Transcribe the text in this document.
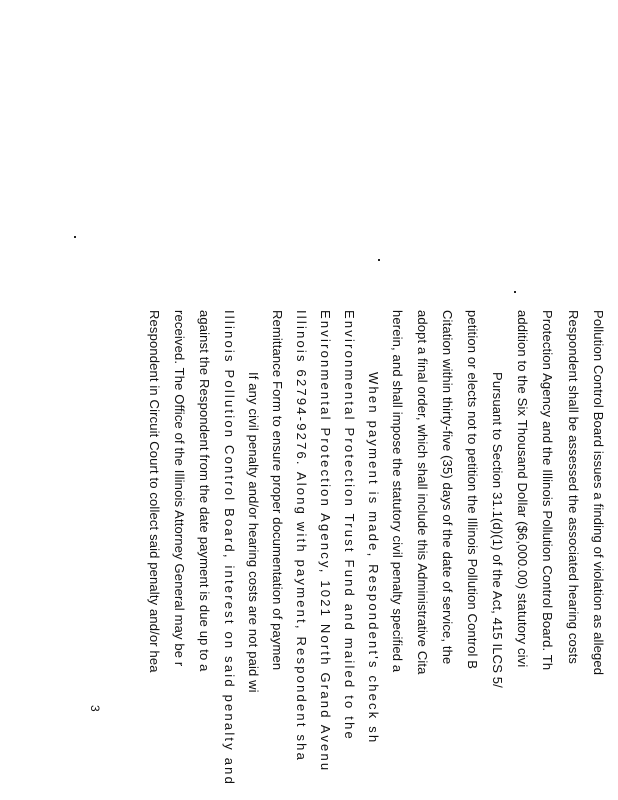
Pollution Control Board issues a finding of violation as alleged
Respondent shall be assessed the associated hearing costs
Protection Agency and the Illinois Pollution Control Board. Th
addition to the Six Thousand Dollar ($6,000.00) statutory civi
Pursuant to Section 31.1(d)(1) of the Act, 415 ILCS 5/
petition or elects not to petition the Illinois Pollution Control B
Citation within thirty-five (35) days of the date of service, the
adopt a final order, which shall include this Administrative Cita
herein, and shall impose the statutory civil penalty specified a
When payment is made, Respondent's check sh
Environmental Protection Trust Fund and mailed to the
Environmental Protection Agency, 1021 North Grand Avenu
Illinois 62794-9276. Along with payment, Respondent sha
Remittance Form to ensure proper documentation of paymen
If any civil penalty and/or hearing costs are not paid wi
Illinois Pollution Control Board, interest on said penalty and
against the Respondent from the date payment is due up to a
received. The Office of the Illinois Attorney General may be r
Respondent in Circuit Court to collect said penalty and/or hea
3
